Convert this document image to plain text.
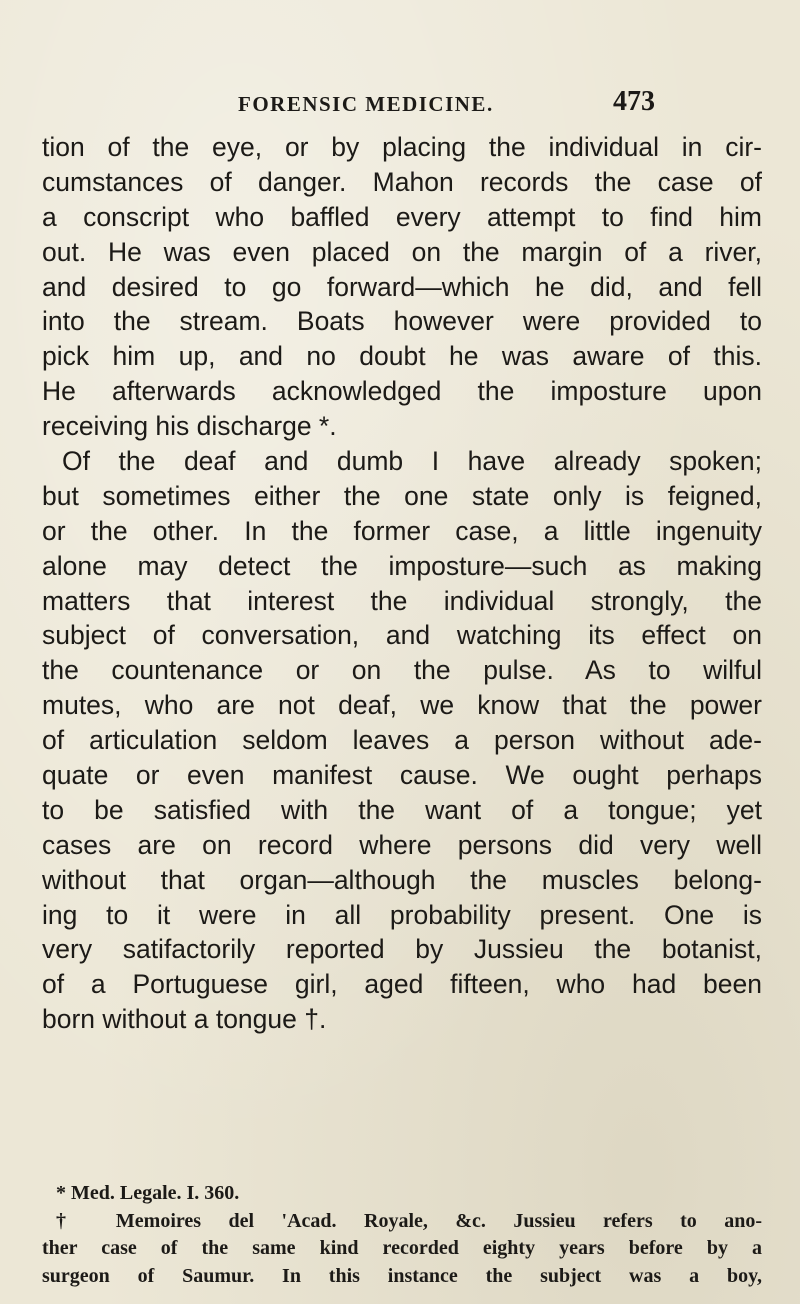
FORENSIC MEDICINE.	473
tion of the eye, or by placing the individual in cir-
cumstances of danger. Mahon records the case of
a conscript who baffled every attempt to find him
out. He was even placed on the margin of a river,
and desired to go forward—which he did, and fell
into the stream. Boats however were provided to
pick him up, and no doubt he was aware of this.
He afterwards acknowledged the imposture upon
receiving his discharge *.
Of the deaf and dumb I have already spoken;
but sometimes either the one state only is feigned,
or the other. In the former case, a little ingenuity
alone may detect the imposture—such as making
matters that interest the individual strongly, the
subject of conversation, and watching its effect on
the countenance or on the pulse. As to wilful
mutes, who are not deaf, we know that the power
of articulation seldom leaves a person without ade-
quate or even manifest cause. We ought perhaps
to be satisfied with the want of a tongue; yet
cases are on record where persons did very well
without that organ—although the muscles belong-
ing to it were in all probability present. One is
very satifactorily reported by Jussieu the botanist,
of a Portuguese girl, aged fifteen, who had been
born without a tongue †.
* Med. Legale. I. 360.
† Memoires del 'Acad. Royale, &c. Jussieu refers to ano-
ther case of the same kind recorded eighty years before by a
surgeon of Saumur. In this instance the subject was a boy,
